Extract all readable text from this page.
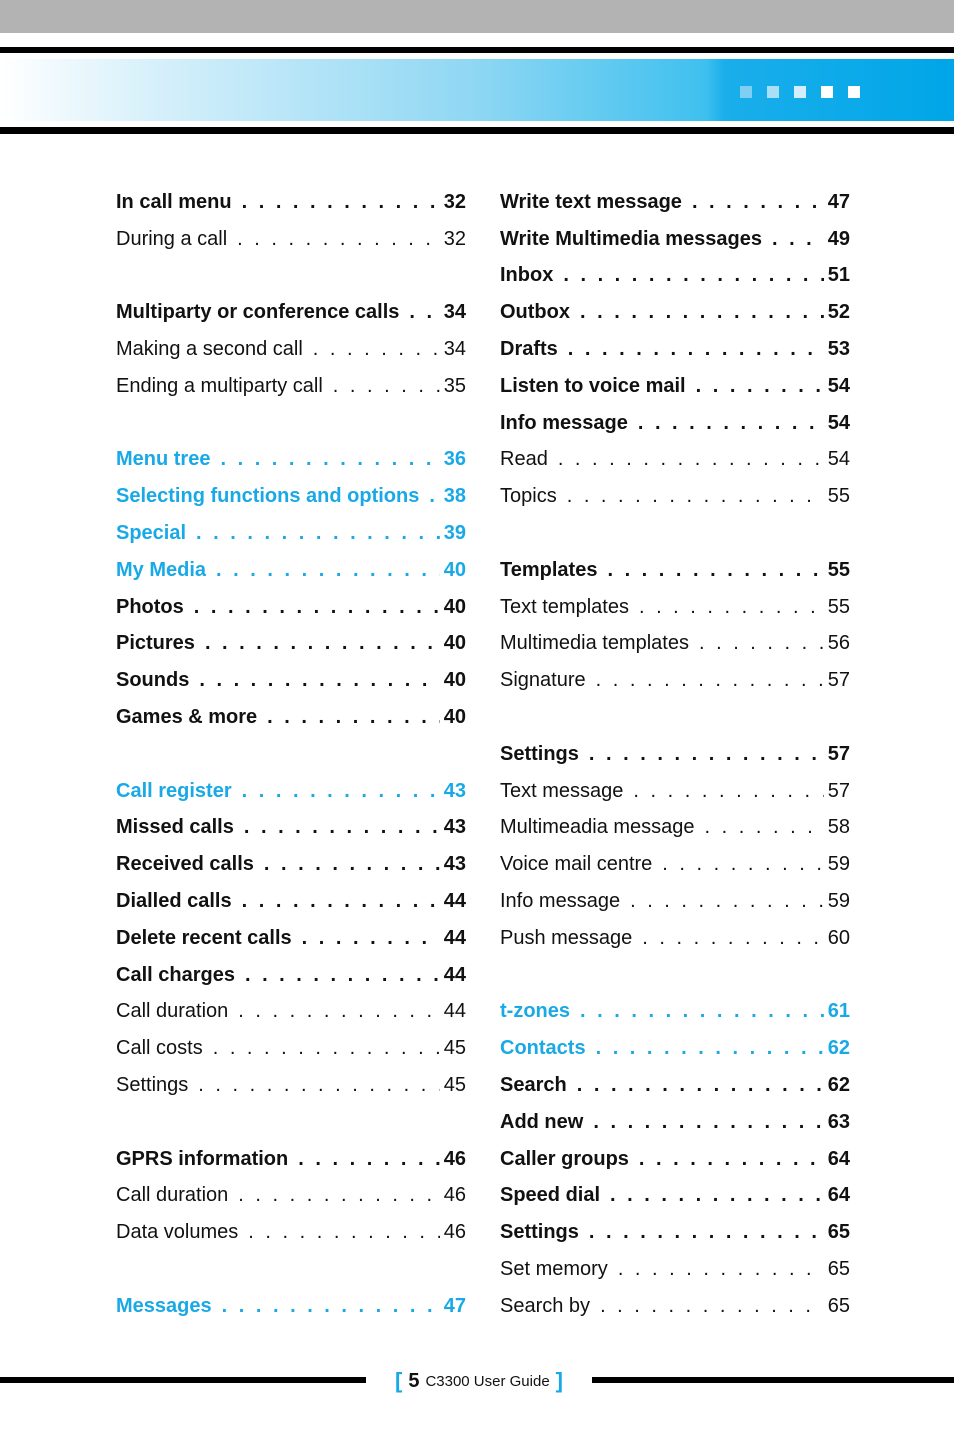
In call menu . . .	32
During a call . . .	32
Multiparty or conference calls . . .	34
Making a second call . . .	34
Ending a multiparty call . . .	35
Menu tree . . .	36
Selecting functions and options . . .	38
Special . . .	39
My Media . . .	40
Photos . . .	40
Pictures . . .	40
Sounds . . .	40
Games & more . . .	40
Call register . . .	43
Missed calls . . .	43
Received calls . . .	43
Dialled calls . . .	44
Delete recent calls . . .	44
Call charges . . .	44
Call duration . . .	44
Call costs . . .	45
Settings . . .	45
GPRS information . . .	46
Call duration . . .	46
Data volumes . . .	46
Messages . . .	47
Write text message . . .	47
Write Multimedia messages . . .	49
Inbox . . .	51
Outbox . . .	52
Drafts . . .	53
Listen to voice mail . . .	54
Info message . . .	54
Read . . .	54
Topics . . .	55
Templates . . .	55
Text templates . . .	55
Multimedia templates . . .	56
Signature . . .	57
Settings . . .	57
Text message . . .	57
Multimeadia message . . .	58
Voice mail centre . . .	59
Info message . . .	59
Push message . . .	60
t-zones . . .	61
Contacts . . .	62
Search . . .	62
Add new . . .	63
Caller groups . . .	64
Speed dial . . .	64
Settings . . .	65
Set memory . . .	65
Search by . . .	65
[ 5 C3300 User Guide ]
